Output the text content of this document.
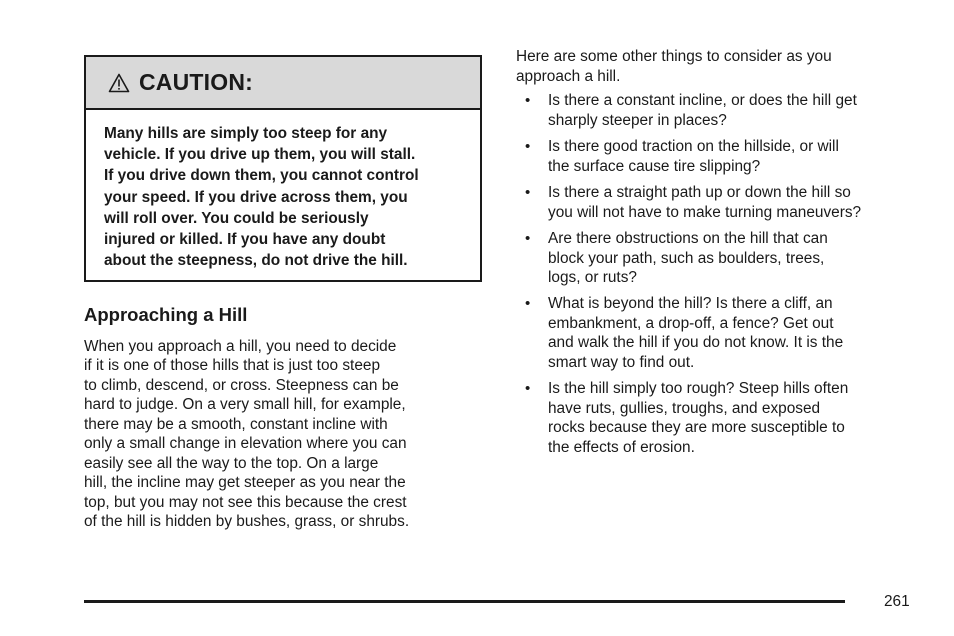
CAUTION:
Many hills are simply too steep for any
vehicle. If you drive up them, you will stall.
If you drive down them, you cannot control
your speed. If you drive across them, you
will roll over. You could be seriously
injured or killed. If you have any doubt
about the steepness, do not drive the hill.
Approaching a Hill
When you approach a hill, you need to decide
if it is one of those hills that is just too steep
to climb, descend, or cross. Steepness can be
hard to judge. On a very small hill, for example,
there may be a smooth, constant incline with
only a small change in elevation where you can
easily see all the way to the top. On a large
hill, the incline may get steeper as you near the
top, but you may not see this because the crest
of the hill is hidden by bushes, grass, or shrubs.
Here are some other things to consider as you
approach a hill.
• Is there a constant incline, or does the hill get
sharply steeper in places?
• Is there good traction on the hillside, or will
the surface cause tire slipping?
• Is there a straight path up or down the hill so
you will not have to make turning maneuvers?
• Are there obstructions on the hill that can
block your path, such as boulders, trees,
logs, or ruts?
• What is beyond the hill? Is there a cliff, an
embankment, a drop-off, a fence? Get out
and walk the hill if you do not know. It is the
smart way to find out.
• Is the hill simply too rough? Steep hills often
have ruts, gullies, troughs, and exposed
rocks because they are more susceptible to
the effects of erosion.
261
